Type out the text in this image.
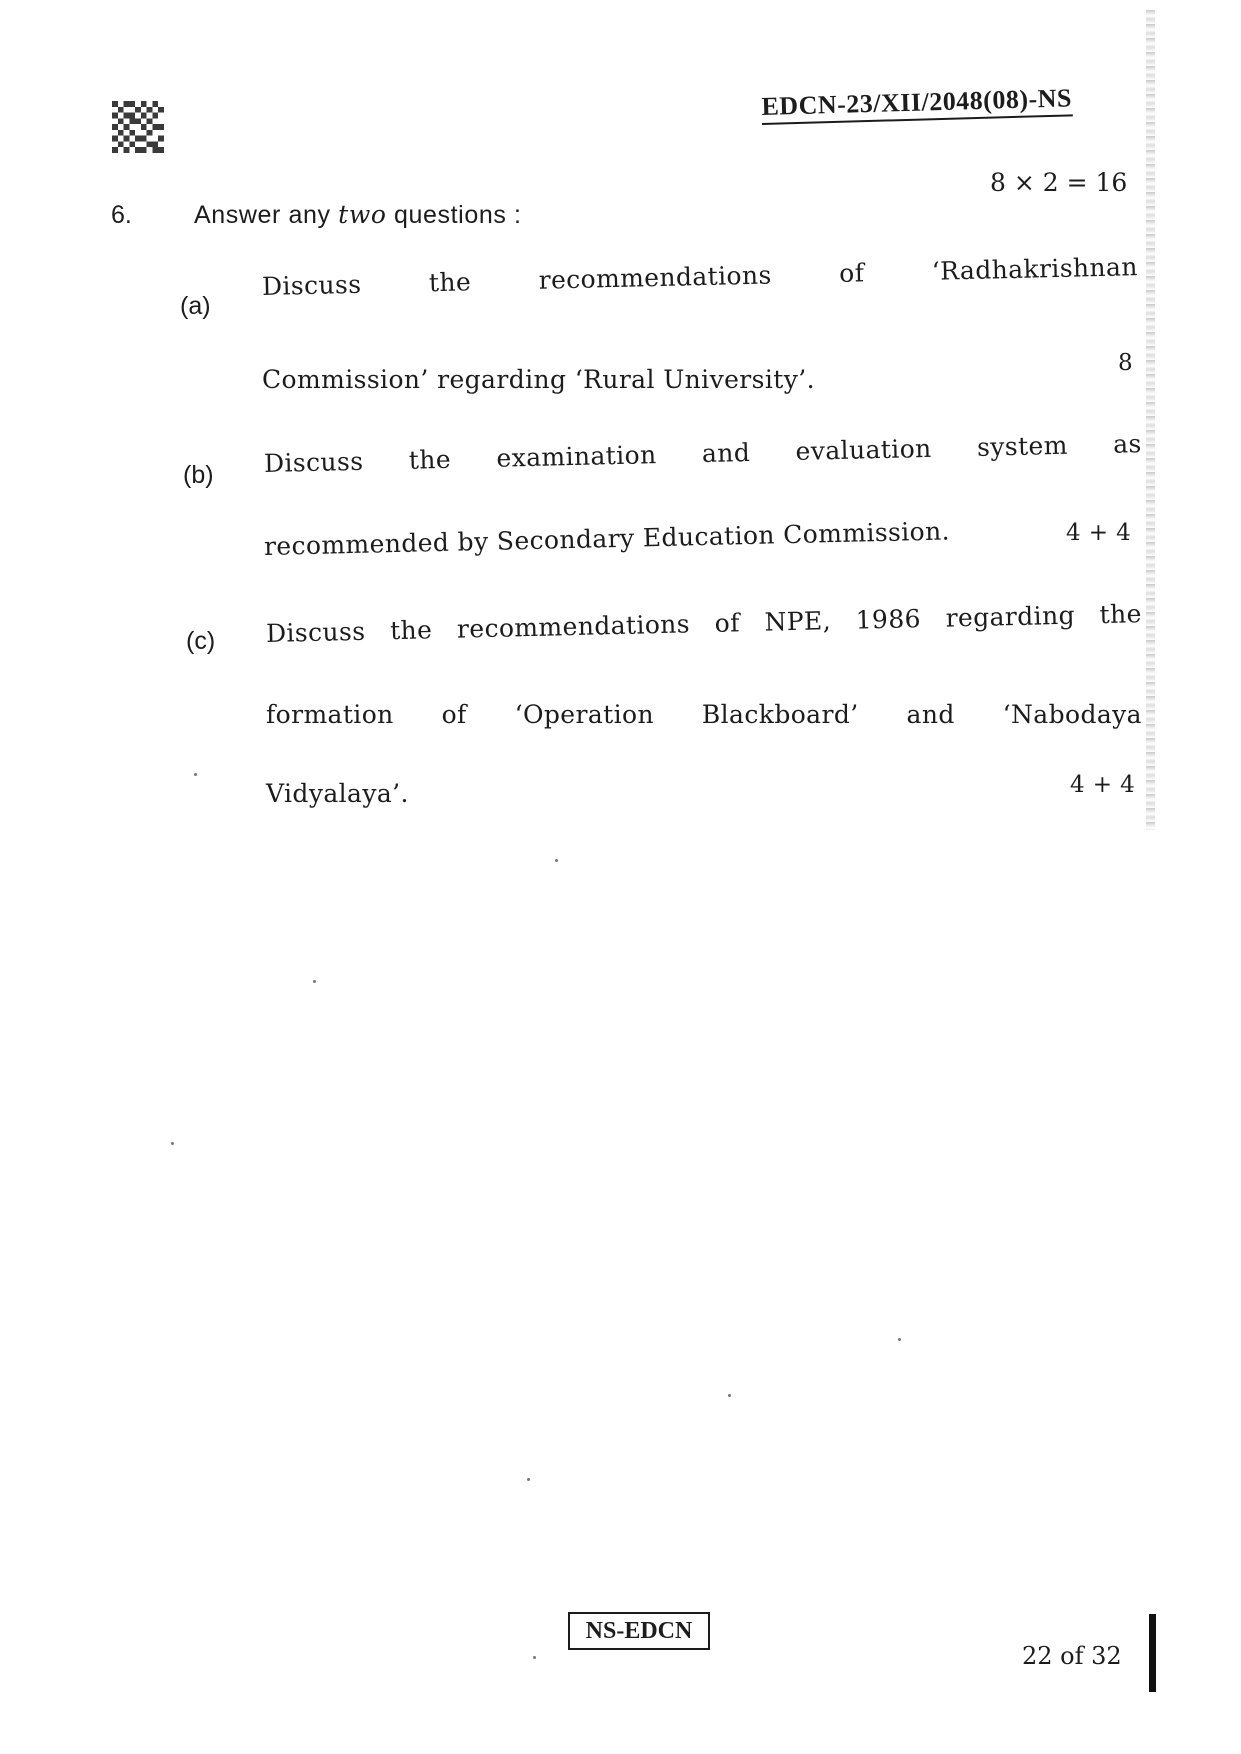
EDCN-23/XII/2048(08)-NS
8 × 2 = 16
6. Answer any two questions :
(a)
Discuss	the	recommendations	of	‘Radhakrishnan
Commission’ regarding ‘Rural University’.
8
(b) Discuss the examination and evaluation system as
recommended by Secondary Education Commission.	4 + 4
(c) Discuss the recommendations of NPE, 1986 regarding the
formation of ‘Operation Blackboard’ and ‘Nabodaya
Vidyalaya’.	4 + 4
NS-EDCN
22 of 32
